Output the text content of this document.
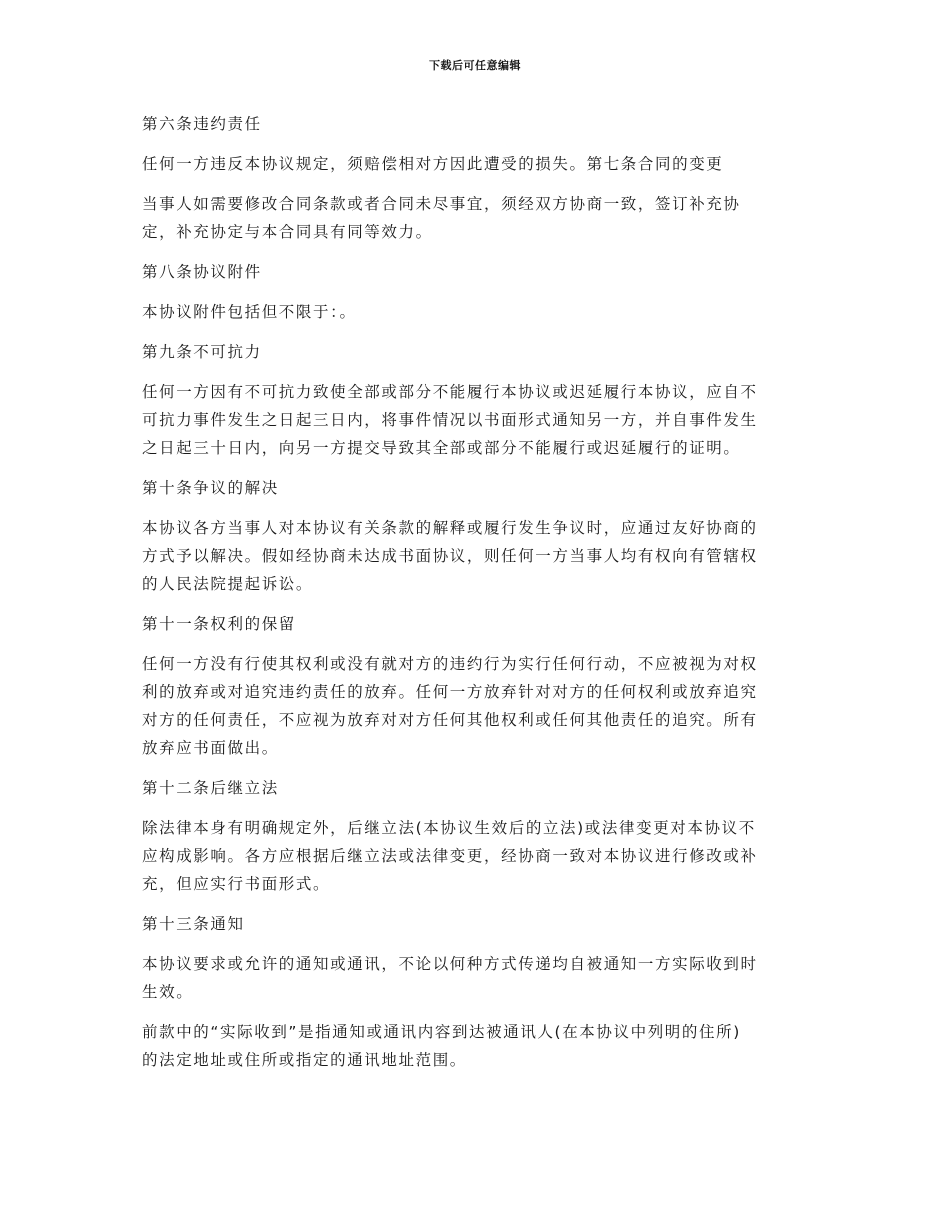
下载后可任意编辑

第六条违约责任

任何一方违反本协议规定，须赔偿相对方因此遭受的损失。第七条合同的变更

当事人如需要修改合同条款或者合同未尽事宜，须经双方协商一致，签订补充协
定，补充协定与本合同具有同等效力。

第八条协议附件

本协议附件包括但不限于：。

第九条不可抗力

任何一方因有不可抗力致使全部或部分不能履行本协议或迟延履行本协议，应自不
可抗力事件发生之日起三日内，将事件情况以书面形式通知另一方，并自事件发生
之日起三十日内，向另一方提交导致其全部或部分不能履行或迟延履行的证明。

第十条争议的解决

本协议各方当事人对本协议有关条款的解释或履行发生争议时，应通过友好协商的
方式予以解决。假如经协商未达成书面协议，则任何一方当事人均有权向有管辖权
的人民法院提起诉讼。

第十一条权利的保留

任何一方没有行使其权利或没有就对方的违约行为实行任何行动，不应被视为对权
利的放弃或对追究违约责任的放弃。任何一方放弃针对对方的任何权利或放弃追究
对方的任何责任，不应视为放弃对对方任何其他权利或任何其他责任的追究。所有
放弃应书面做出。

第十二条后继立法

除法律本身有明确规定外，后继立法(本协议生效后的立法)或法律变更对本协议不
应构成影响。各方应根据后继立法或法律变更，经协商一致对本协议进行修改或补
充，但应实行书面形式。

第十三条通知

本协议要求或允许的通知或通讯，不论以何种方式传递均自被通知一方实际收到时
生效。

前款中的“实际收到”是指通知或通讯内容到达被通讯人(在本协议中列明的住所)
的法定地址或住所或指定的通讯地址范围。
